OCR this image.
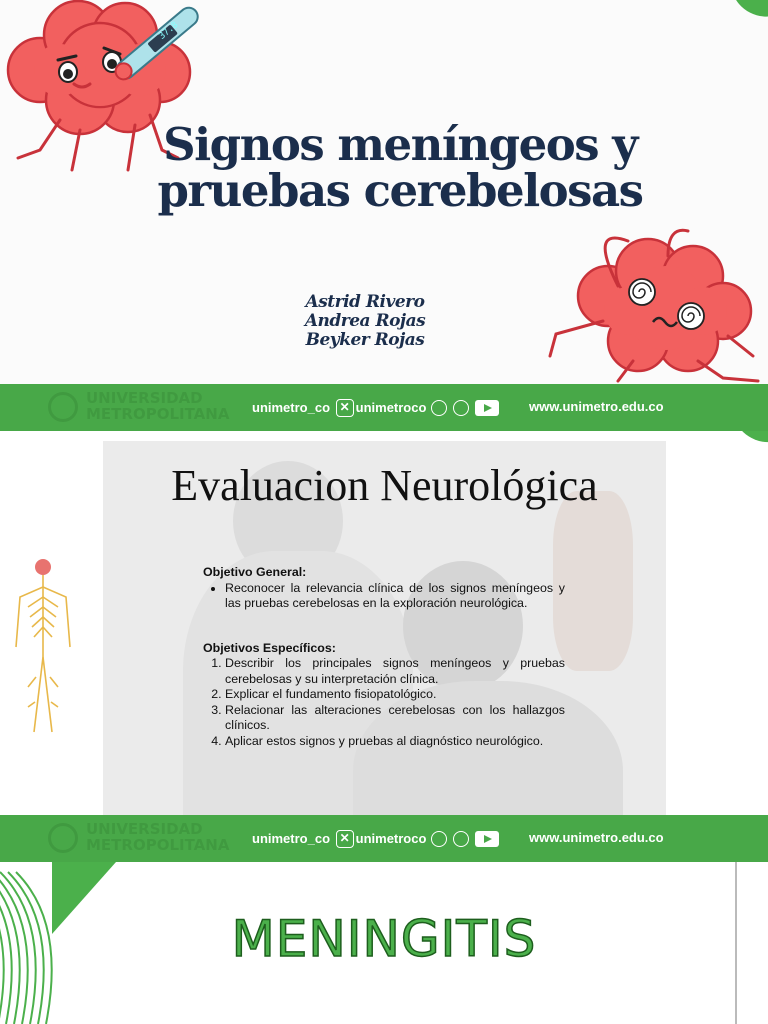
37.8
Signos meníngeos y pruebas cerebelosas
Astrid Rivero
Andrea Rojas
Beyker Rojas
UNIVERSIDAD METROPOLITANA	unimetro_co ✕ unimetroco	www.unimetro.edu.co
Evaluacion Neurológica
Objetivo General:
• Reconocer la relevancia clínica de los signos meníngeos y las pruebas cerebelosas en la exploración neurológica.
Objetivos Específicos:
1. Describir los principales signos meníngeos y pruebas cerebelosas y su interpretación clínica.
2. Explicar el fundamento fisiopatológico.
3. Relacionar las alteraciones cerebelosas con los hallazgos clínicos.
4. Aplicar estos signos y pruebas al diagnóstico neurológico.
UNIVERSIDAD METROPOLITANA	unimetro_co ✕ unimetroco	www.unimetro.edu.co
MENINGITIS
